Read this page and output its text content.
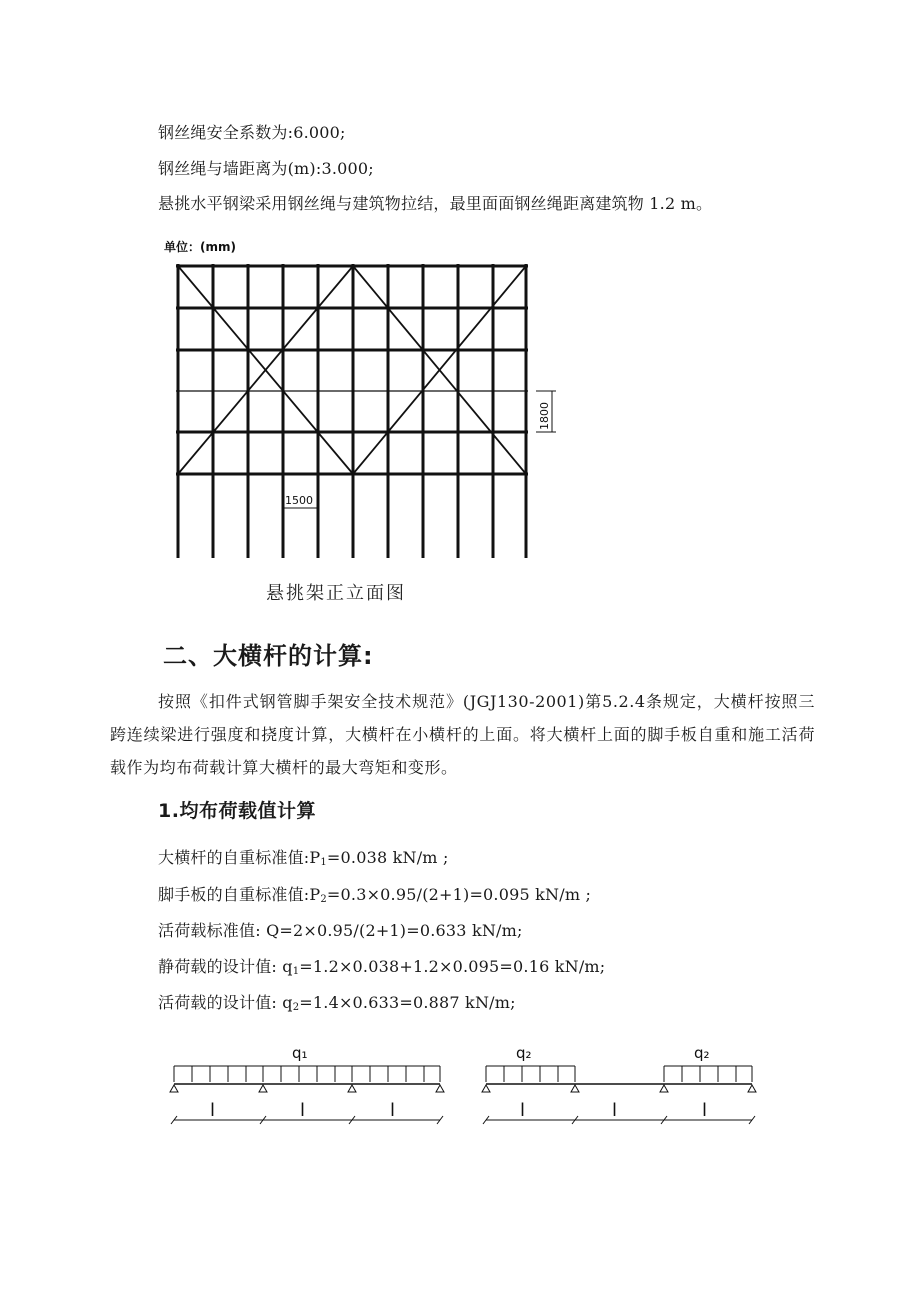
钢丝绳安全系数为:6.000;
钢丝绳与墙距离为(m):3.000;
悬挑水平钢梁采用钢丝绳与建筑物拉结，最里面面钢丝绳距离建筑物 1.2 m。
单位：(mm)
1800
1500
悬挑架正立面图
二、大横杆的计算:
按照《扣件式钢管脚手架安全技术规范》(JGJ130-2001)第5.2.4条规定，大横杆按照三跨连续梁进行强度和挠度计算，大横杆在小横杆的上面。将大横杆上面的脚手板自重和施工活荷载作为均布荷载计算大横杆的最大弯矩和变形。
1.均布荷载值计算
大横杆的自重标准值$:P_1=0.038$ kN/m ;
脚手板的自重标准值$:P_2=0.3\times 0.95/(2+1)=0.095$ kN/m ;
活荷载标准值: Q=2×0.95/(2+1)=0.633 kN/m;
静荷载的设计值: $q_1=1.2\times 0.038+1.2\times 0.095=0.16$ kN/m;
活荷载的设计值: $q_2=1.4\times 0.633=0.887$ kN/m;
q₁	q₂	q₂
l	l	l	l	l	l
